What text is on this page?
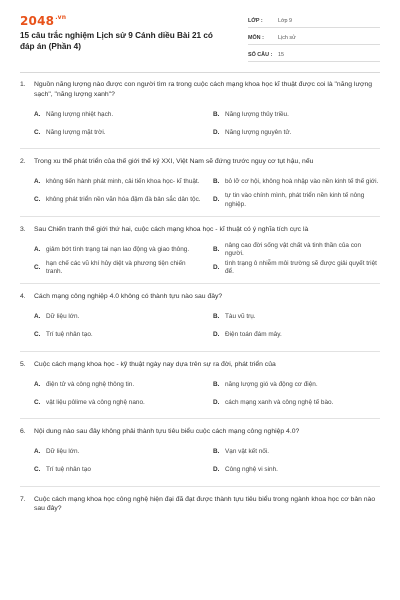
$2048^{.vn}$
15 câu trắc nghiệm Lịch sử 9 Cánh diều Bài 21 có đáp án (Phần 4)
LỚP :	Lớp 9
MÔN :	Lịch sử
SỐ CÂU :	15
1.	Nguồn năng lượng nào được con người tìm ra trong cuộc cách mạng khoa học kĩ thuật được coi là "năng lượng sạch", "năng lượng xanh"?
A. Năng lượng nhiệt hạch.	B. Năng lượng thủy triều.
C. Năng lượng mặt trời.	D. Năng lượng nguyên tử.
2.	Trong xu thế phát triển của thế giới thế kỷ XXI, Việt Nam sẽ đứng trước nguy cơ tụt hậu, nếu
A. không tiến hành phát minh, cải tiến khoa học- kĩ thuật. B. bỏ lỡ cơ hội, không hoà nhập vào nền kinh tế thế giới.
C. không phát triển nền văn hóa đậm đà bản sắc dân tộc. D.
tự tin vào chính mình, phát triển nền kinh tế nông nghiệp.
3.	Sau Chiến tranh thế giới thứ hai, cuộc cách mạng khoa học - kĩ thuật có ý nghĩa tích cực là
A. giảm bớt tình trạng tai nạn lao động và giao thông.	B.
nâng cao đời sống vật chất và tinh thần của con người.
C.
hạn chế các vũ khí hủy diệt và phương tiện chiến tranh.
D.
tình trạng ô nhiễm môi trường sẽ được giải quyết triệt để.
4.	Cách mạng công nghiệp 4.0 không có thành tựu nào sau đây?
A. Dữ liệu lớn.	B. Tàu vũ trụ.
C. Trí tuệ nhân tạo.	D. Điện toán đám mây.
5.	Cuộc cách mạng khoa học - kỹ thuật ngày nay dựa trên sự ra đời, phát triển của
A. điện tử và công nghệ thông tin.	B. năng lượng gió và động cơ điện.
C. vật liệu pôlime và công nghệ nano.	D. cách mạng xanh và công nghệ tế bào.
6.	Nội dung nào sau đây không phải thành tựu tiêu biểu cuộc cách mạng công nghiệp 4.0?
A. Dữ liệu lớn.	B. Vạn vật kết nối.
C. Trí tuệ nhân tạo	D. Công nghệ vi sinh.
7.	Cuộc cách mạng khoa học công nghệ hiện đại đã đạt được thành tựu tiêu biểu trong ngành khoa học cơ bản nào sau đây?
